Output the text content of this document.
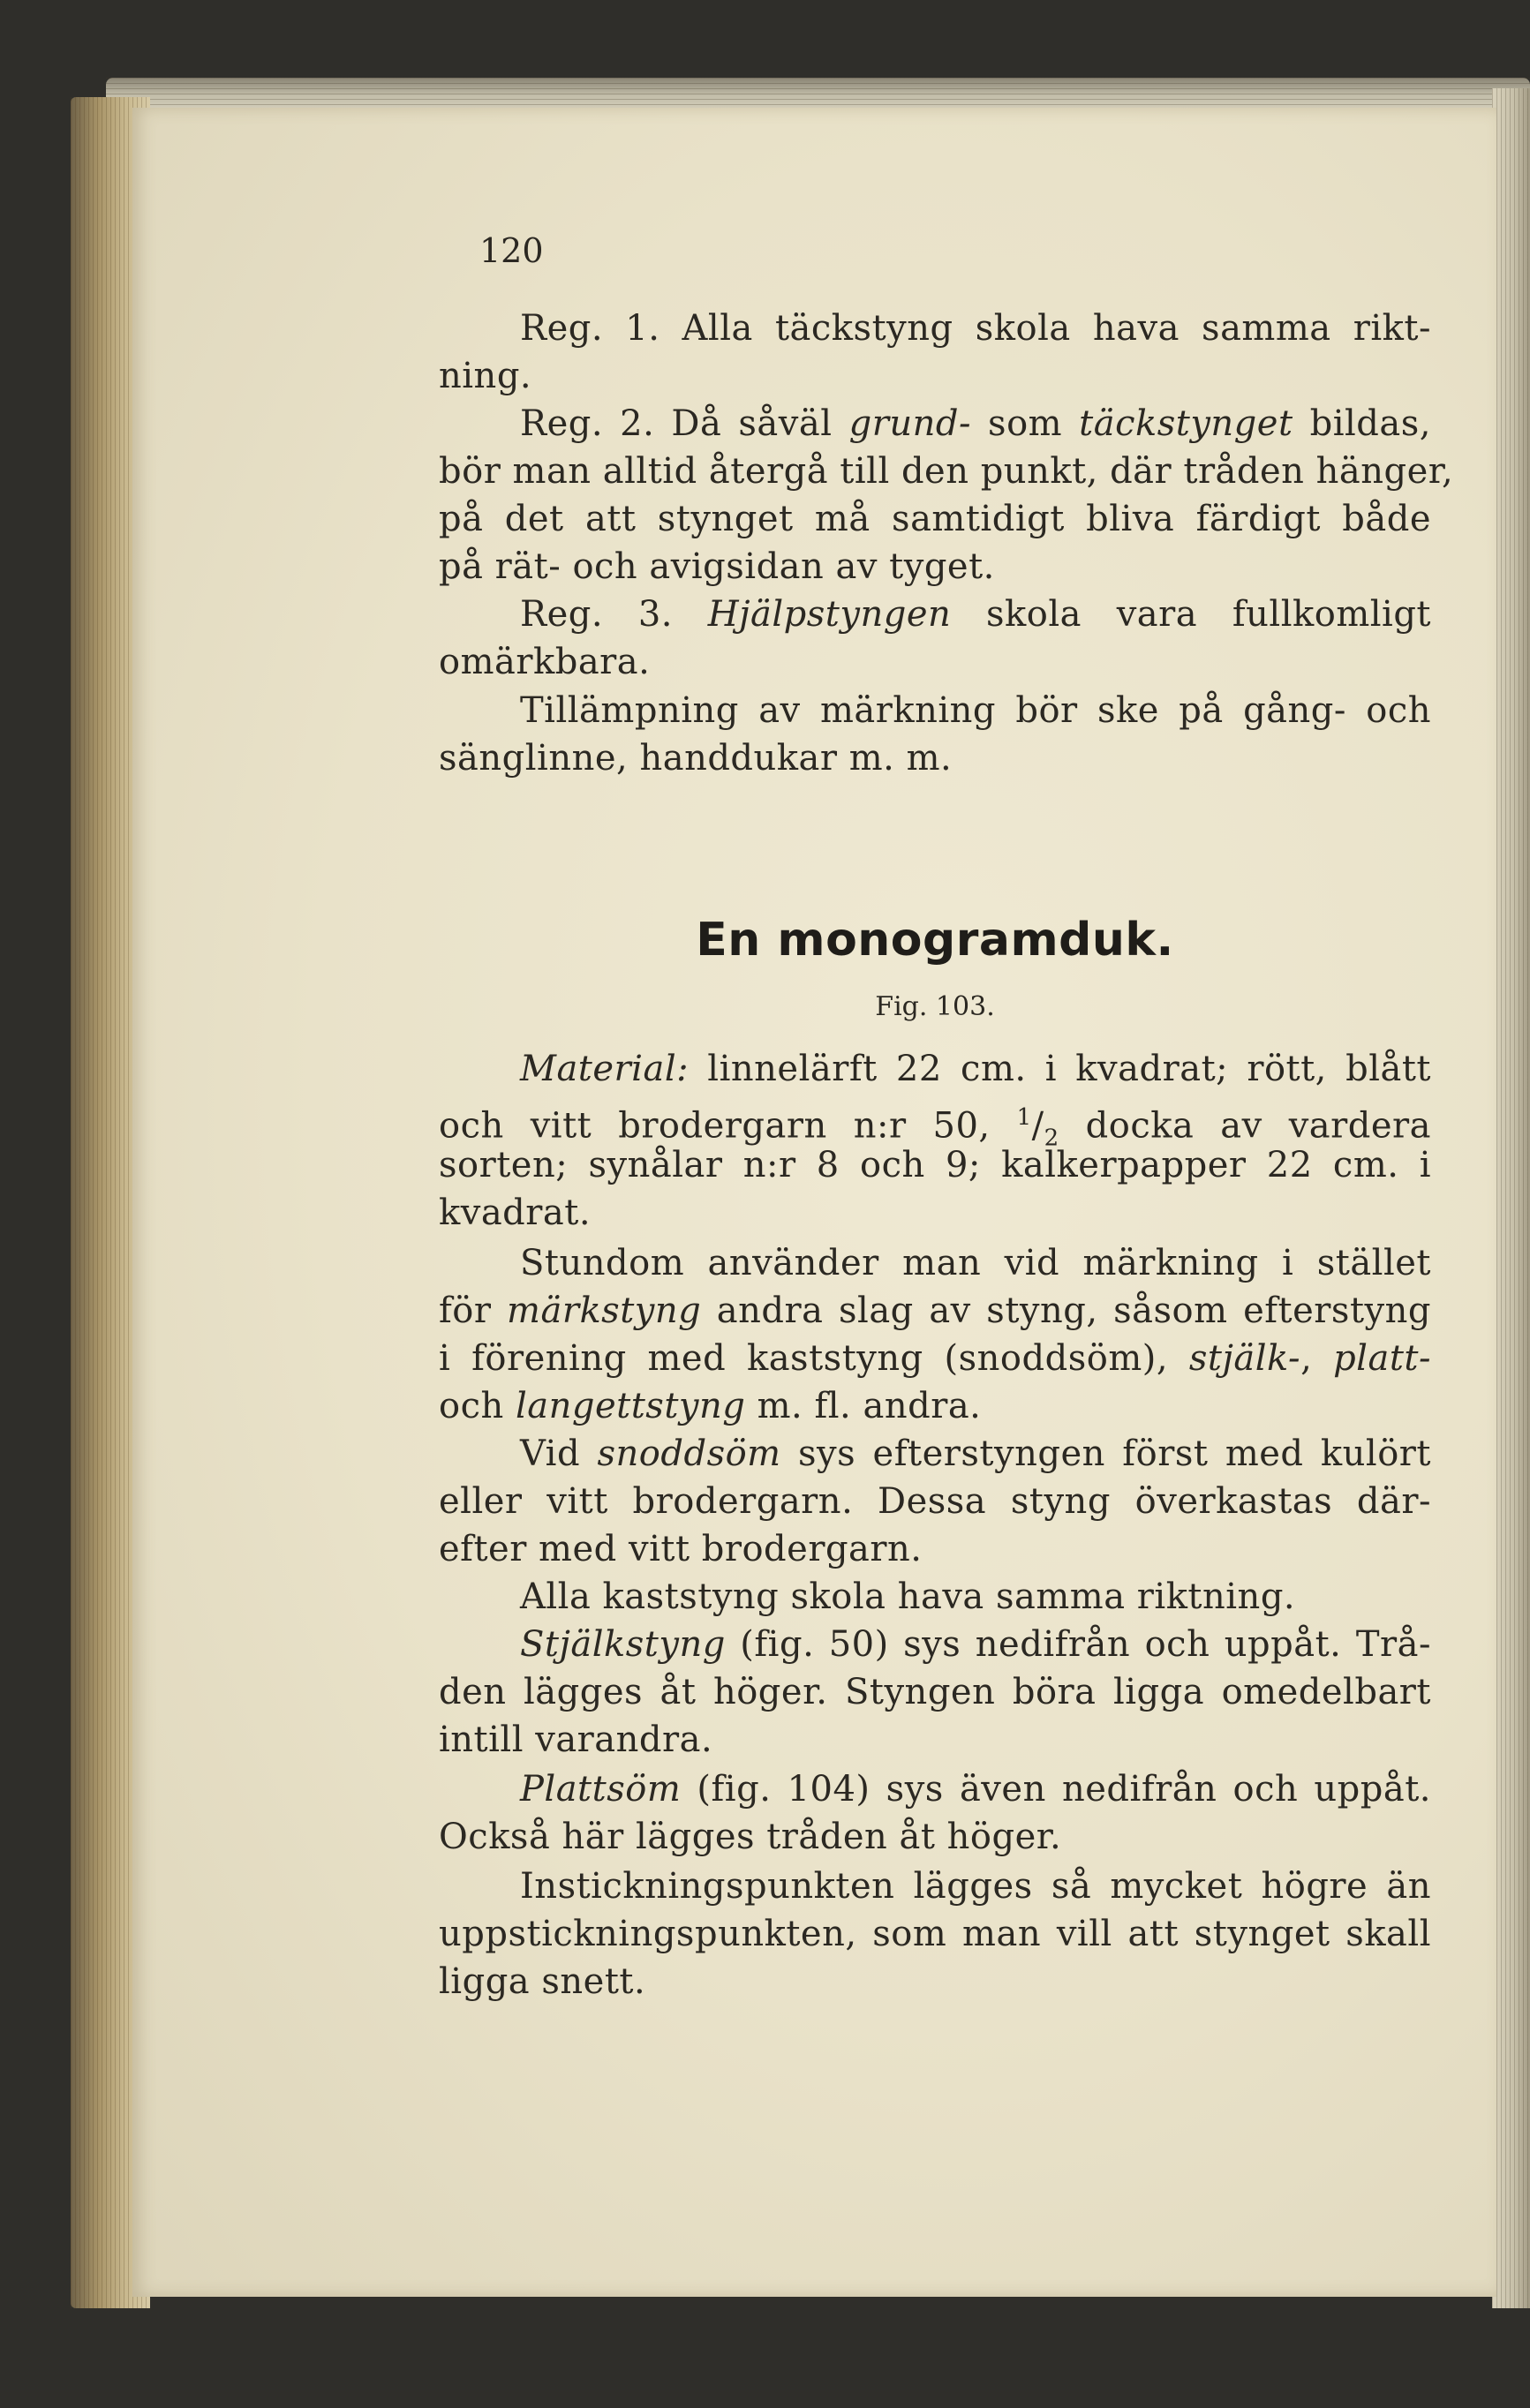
120
Reg. 1. Alla täckstyng skola hava samma rikt-
ning.
Reg. 2. Då såväl grund- som täckstynget bildas,
bör man alltid återgå till den punkt, där tråden hänger,
på det att stynget må samtidigt bliva färdigt både
på rät- och avigsidan av tyget.
Reg. 3. Hjälpstyngen skola vara fullkomligt
omärkbara.
Tillämpning av märkning bör ske på gång- och
sänglinne, handdukar m. m.
En monogramduk.
Fig. 103.
Material: linnelärft 22 cm. i kvadrat; rött, blått
och vitt brodergarn n:r 50, $^1/_2$ docka av vardera
sorten; synålar n:r 8 och 9; kalkerpapper 22 cm. i
kvadrat.
Stundom använder man vid märkning i stället
för märkstyng andra slag av styng, såsom efterstyng
i förening med kaststyng (snoddsöm), stjälk-, platt-
och langettstyng m. fl. andra.
Vid snoddsöm sys efterstyngen först med kulört
eller vitt brodergarn. Dessa styng överkastas där-
efter med vitt brodergarn.
Alla kaststyng skola hava samma riktning.
Stjälkstyng (fig. 50) sys nedifrån och uppåt. Trå-
den lägges åt höger. Styngen böra ligga omedelbart
intill varandra.
Plattsöm (fig. 104) sys även nedifrån och uppåt.
Också här lägges tråden åt höger.
Instickningspunkten lägges så mycket högre än
uppstickningspunkten, som man vill att stynget skall
ligga snett.
